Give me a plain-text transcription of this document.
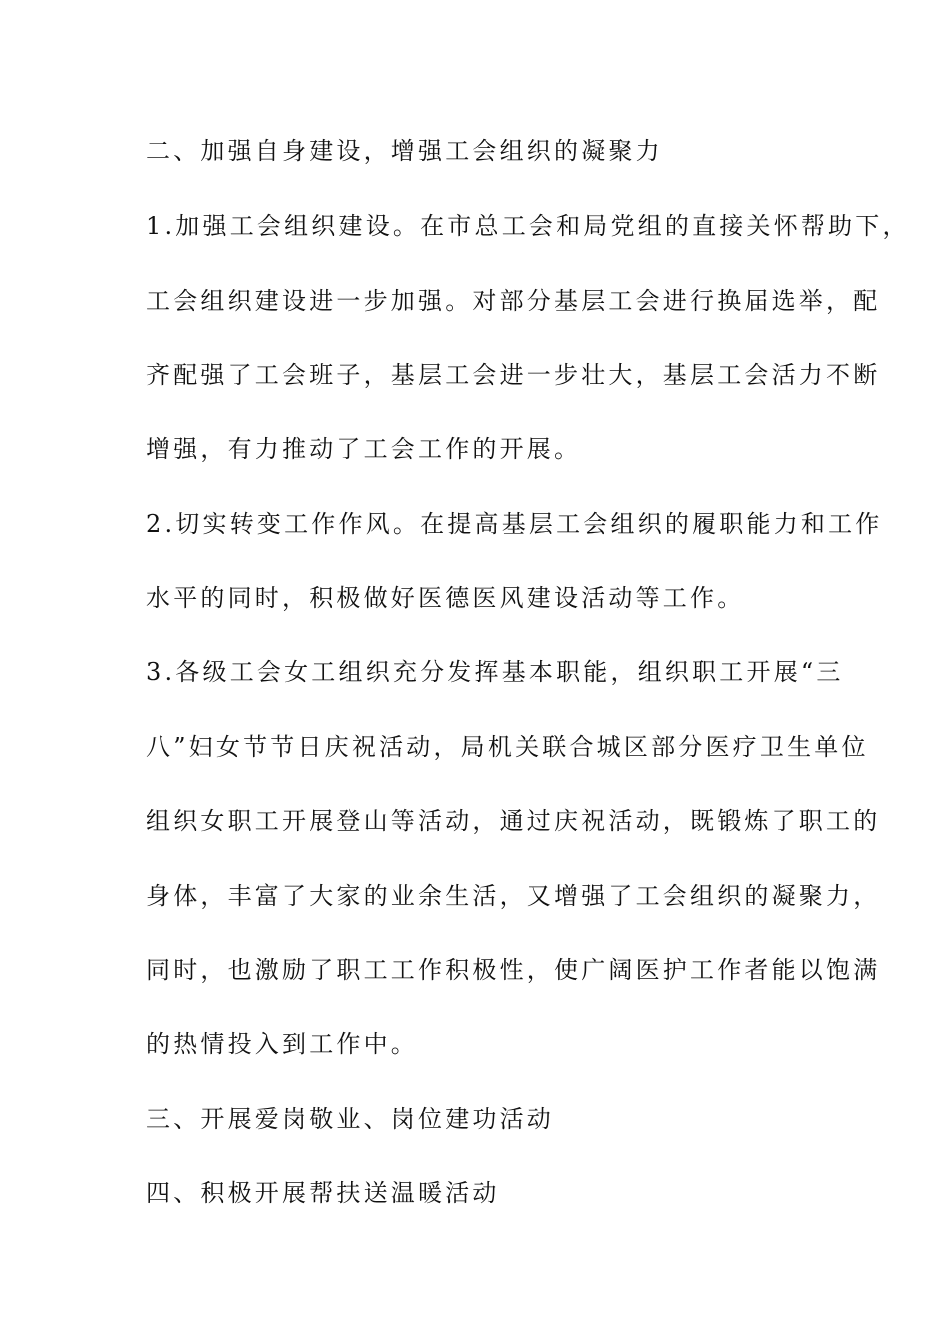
二、加强自身建设，增强工会组织的凝聚力
1.加强工会组织建设。在市总工会和局党组的直接关怀帮助下，
工会组织建设进一步加强。对部分基层工会进行换届选举，配
齐配强了工会班子，基层工会进一步壮大，基层工会活力不断
增强，有力推动了工会工作的开展。
2.切实转变工作作风。在提高基层工会组织的履职能力和工作
水平的同时，积极做好医德医风建设活动等工作。
3.各级工会女工组织充分发挥基本职能，组织职工开展“三
八”妇女节节日庆祝活动，局机关联合城区部分医疗卫生单位
组织女职工开展登山等活动，通过庆祝活动，既锻炼了职工的
身体，丰富了大家的业余生活，又增强了工会组织的凝聚力，
同时，也激励了职工工作积极性，使广阔医护工作者能以饱满
的热情投入到工作中。
三、开展爱岗敬业、岗位建功活动
四、积极开展帮扶送温暖活动
